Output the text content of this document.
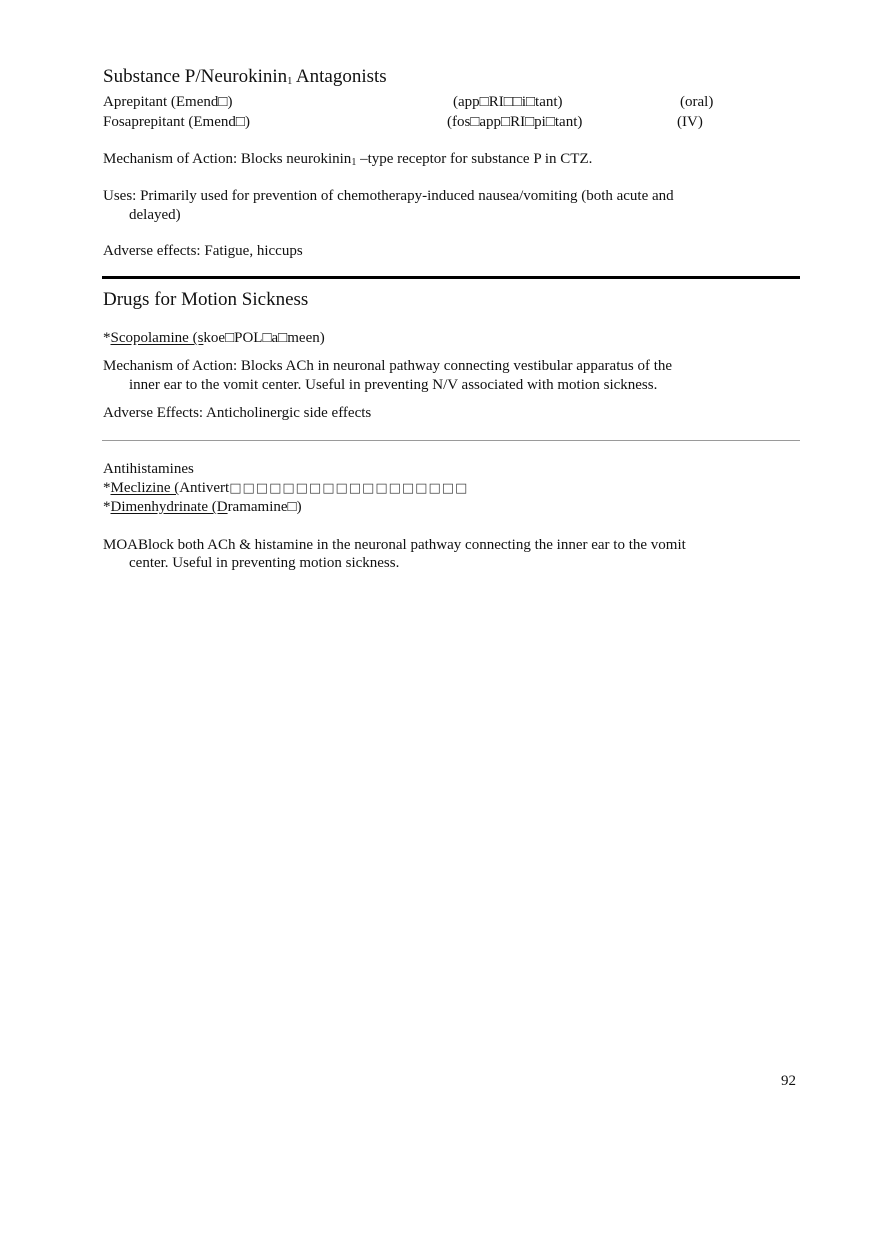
Substance P/Neurokinin$_1$ Antagonists
Aprepitant (Emend□)	(app□RI□□i□tant)	(oral)
Fosaprepitant (Emend□)	(fos□app□RI□pi□tant)	(IV)
Mechanism of Action: Blocks neurokinin$_1$ –type receptor for substance P in CTZ.
Uses: Primarily used for prevention of chemotherapy-induced nausea/vomiting (both acute and
delayed)
Adverse effects: Fatigue, hiccups
Drugs for Motion Sickness
*Scopolamine (skoe□POL□a□meen)
Mechanism of Action: Blocks ACh in neuronal pathway connecting vestibular apparatus of the
inner ear to the vomit center. Useful in preventing N/V associated with motion sickness.
Adverse Effects: Anticholinergic side effects
Antihistamines
*Meclizine (Antivert□□□□□□□□□□□□□□□□□□
*Dimenhydrinate (Dramamine□)
MOABlock both ACh & histamine in the neuronal pathway connecting the inner ear to the vomit
center. Useful in preventing motion sickness.
92
